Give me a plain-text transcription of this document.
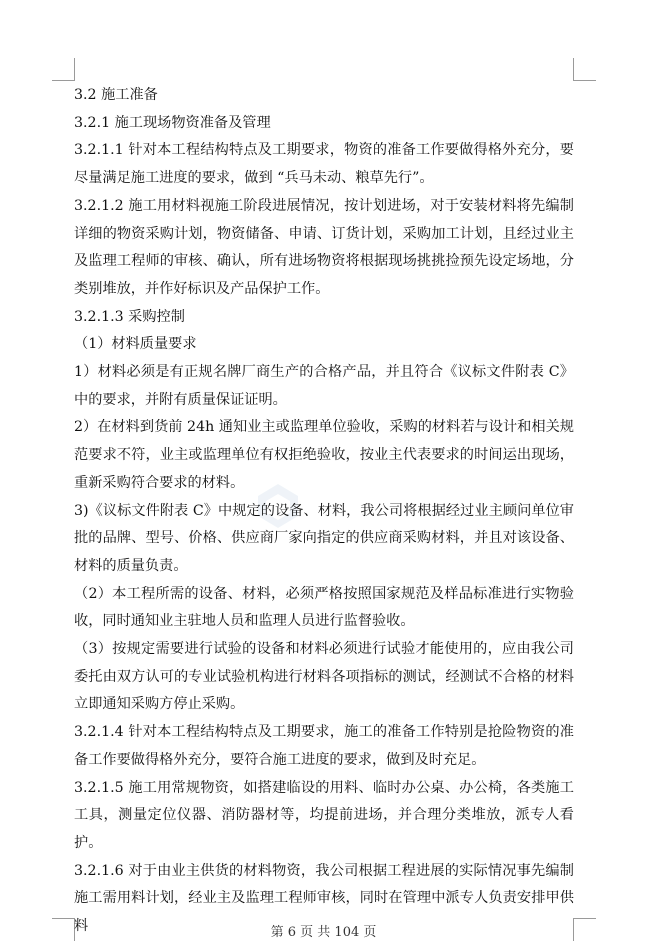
3.2 施工准备

3.2.1 施工现场物资准备及管理

3.2.1.1 针对本工程结构特点及工期要求，物资的准备工作要做得格外充分，要尽量满足施工进度的要求，做到 “兵马未动、粮草先行”。

3.2.1.2 施工用材料视施工阶段进展情况，按计划进场，对于安装材料将先编制详细的物资采购计划，物资储备、申请、订货计划，采购加工计划，且经过业主及监理工程师的审核、确认，所有进场物资将根据现场挑挑捡预先设定场地，分类别堆放，并作好标识及产品保护工作。

3.2.1.3 采购控制

（1）材料质量要求

1）材料必须是有正规名牌厂商生产的合格产品，并且符合《议标文件附表 C》中的要求，并附有质量保证证明。

2）在材料到货前 24h 通知业主或监理单位验收，采购的材料若与设计和相关规范要求不符，业主或监理单位有权拒绝验收，按业主代表要求的时间运出现场，重新采购符合要求的材料。

3)《议标文件附表 C》中规定的设备、材料，我公司将根据经过业主顾问单位审批的品牌、型号、价格、供应商厂家向指定的供应商采购材料，并且对该设备、材料的质量负责。

（2）本工程所需的设备、材料，必须严格按照国家规范及样品标准进行实物验收，同时通知业主驻地人员和监理人员进行监督验收。

（3）按规定需要进行试验的设备和材料必须进行试验才能使用的，应由我公司委托由双方认可的专业试验机构进行材料各项指标的测试，经测试不合格的材料立即通知采购方停止采购。

3.2.1.4 针对本工程结构特点及工期要求，施工的准备工作特别是抢险物资的准备工作要做得格外充分，要符合施工进度的要求，做到及时充足。

3.2.1.5 施工用常规物资，如搭建临设的用料、临时办公桌、办公椅，各类施工工具，测量定位仪器、消防器材等，均提前进场，并合理分类堆放，派专人看护。

3.2.1.6 对于由业主供货的材料物资，我公司根据工程进展的实际情况事先编制施工需用料计划，经业主及监理工程师审核，同时在管理中派专人负责安排甲供料	第 6 页 共 104 页
